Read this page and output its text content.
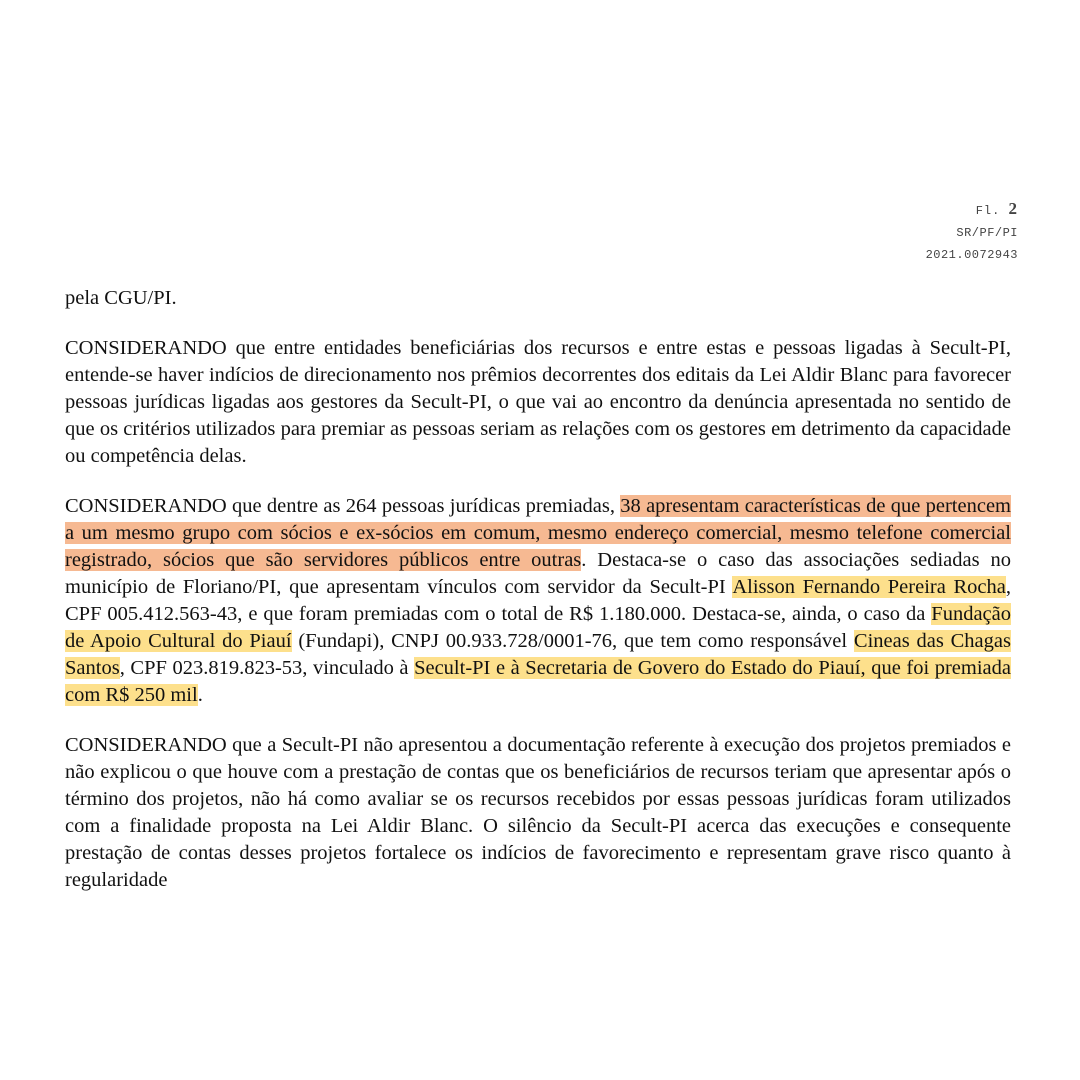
Fl. 2
SR/PF/PI
2021.0072943

pela CGU/PI.

CONSIDERANDO que entre entidades beneficiárias dos recursos e entre estas e pessoas ligadas à Secult-PI, entende-se haver indícios de direcionamento nos prêmios decorrentes dos editais da Lei Aldir Blanc para favorecer pessoas jurídicas ligadas aos gestores da Secult-PI, o que vai ao encontro da denúncia apresentada no sentido de que os critérios utilizados para premiar as pessoas seriam as relações com os gestores em detrimento da capacidade ou competência delas.

CONSIDERANDO que dentre as 264 pessoas jurídicas premiadas, 38 apresentam características de que pertencem a um mesmo grupo com sócios e ex-sócios em comum, mesmo endereço comercial, mesmo telefone comercial registrado, sócios que são servidores públicos entre outras. Destaca-se o caso das associações sediadas no município de Floriano/PI, que apresentam vínculos com servidor da Secult-PI Alisson Fernando Pereira Rocha, CPF 005.412.563-43, e que foram premiadas com o total de R$ 1.180.000. Destaca-se, ainda, o caso da Fundação de Apoio Cultural do Piauí (Fundapi), CNPJ 00.933.728/0001-76, que tem como responsável Cineas das Chagas Santos, CPF 023.819.823-53, vinculado à Secult-PI e à Secretaria de Govero do Estado do Piauí, que foi premiada com R$ 250 mil.

CONSIDERANDO que a Secult-PI não apresentou a documentação referente à execução dos projetos premiados e não explicou o que houve com a prestação de contas que os beneficiários de recursos teriam que apresentar após o término dos projetos, não há como avaliar se os recursos recebidos por essas pessoas jurídicas foram utilizados com a finalidade proposta na Lei Aldir Blanc. O silêncio da Secult-PI acerca das execuções e consequente prestação de contas desses projetos fortalece os indícios de favorecimento e representam grave risco quanto à regularidade
